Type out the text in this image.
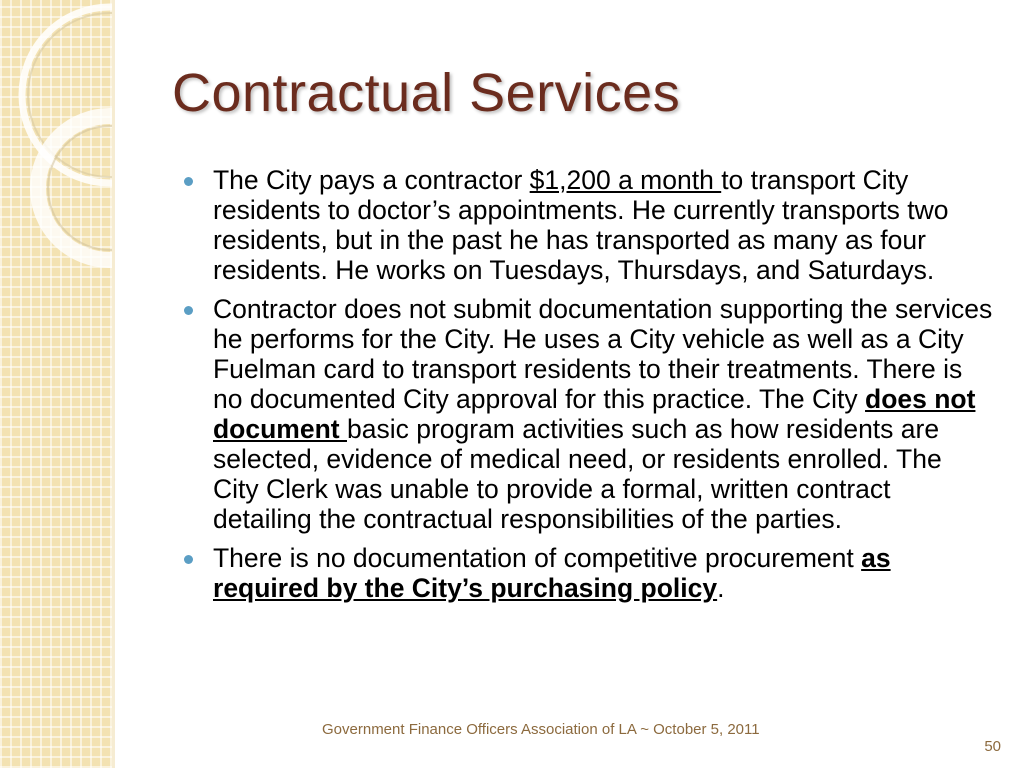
Contractual Services
The City pays a contractor $1,200 a month to transport City residents to doctor’s appointments. He currently transports two residents, but in the past he has transported as many as four residents. He works on Tuesdays, Thursdays, and Saturdays.
Contractor does not submit documentation supporting the services he performs for the City. He uses a City vehicle as well as a City Fuelman card to transport residents to their treatments. There is no documented City approval for this practice. The City does not document basic program activities such as how residents are selected, evidence of medical need, or residents enrolled. The City Clerk was unable to provide a formal, written contract detailing the contractual responsibilities of the parties.
There is no documentation of competitive procurement as required by the City’s purchasing policy.
Government Finance Officers Association of LA ~ October 5, 2011
50
